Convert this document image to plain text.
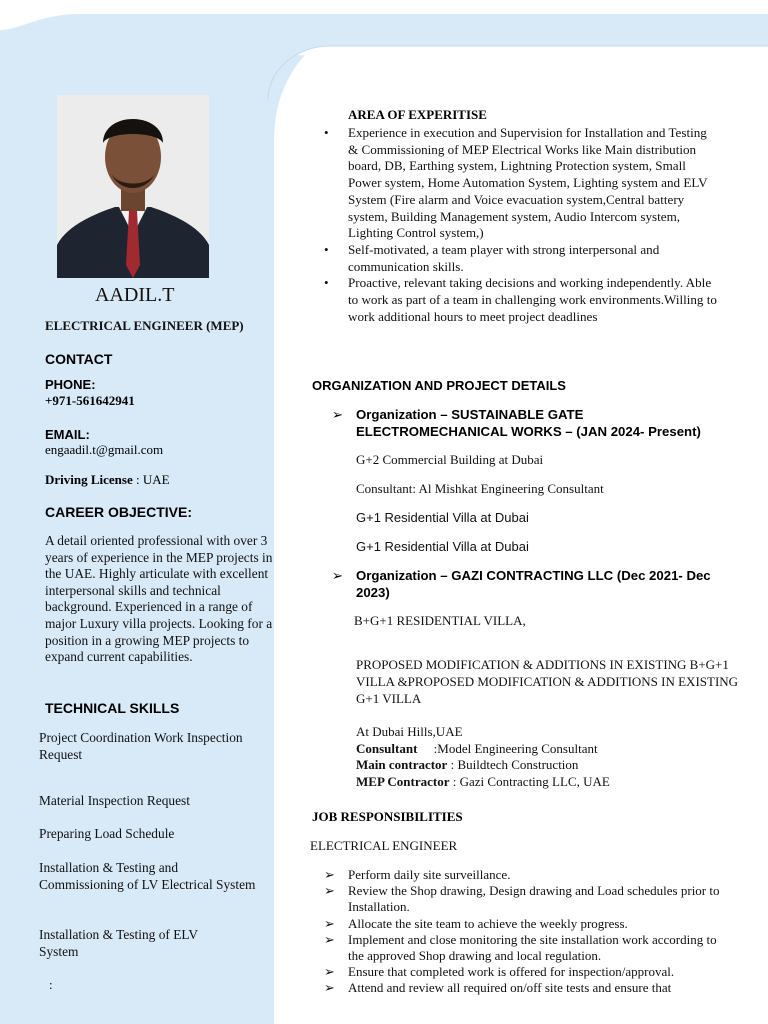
AADIL.T
ELECTRICAL ENGINEER (MEP)
CONTACT
PHONE:
+971-561642941
EMAIL:
engaadil.t@gmail.com
Driving License : UAE
CAREER OBJECTIVE:
A detail oriented professional with over 3 years of experience in the MEP projects in the UAE. Highly articulate with excellent interpersonal skills and technical background. Experienced in a range of major Luxury villa projects. Looking for a position in a growing MEP projects to expand current capabilities.
TECHNICAL SKILLS
Project Coordination Work Inspection Request
Material Inspection Request
Preparing Load Schedule
Installation & Testing and Commissioning of LV Electrical System
Installation & Testing of ELV System
:
AREA OF EXPERITISE
• Experience in execution and Supervision for Installation and Testing & Commissioning of MEP Electrical Works like Main distribution board, DB, Earthing system, Lightning Protection system, Small Power system, Home Automation System, Lighting system and ELV System (Fire alarm and Voice evacuation system,Central battery system, Building Management system, Audio Intercom system, Lighting Control system,)
• Self-motivated, a team player with strong interpersonal and communication skills.
• Proactive, relevant taking decisions and working independently. Able to work as part of a team in challenging work environments.Willing to work additional hours to meet project deadlines
ORGANIZATION AND PROJECT DETAILS
➢ Organization – SUSTAINABLE GATE ELECTROMECHANICAL WORKS – (JAN 2024- Present)
G+2 Commercial Building at Dubai
Consultant: Al Mishkat Engineering Consultant
G+1 Residential Villa at Dubai
G+1 Residential Villa at Dubai
➢ Organization – GAZI CONTRACTING LLC (Dec 2021- Dec 2023)
B+G+1 RESIDENTIAL VILLA,
PROPOSED MODIFICATION & ADDITIONS IN EXISTING B+G+1 VILLA &PROPOSED MODIFICATION & ADDITIONS IN EXISTING G+1 VILLA
At Dubai Hills,UAE
Consultant     :Model Engineering Consultant
Main contractor : Buildtech Construction
MEP Contractor : Gazi Contracting LLC, UAE
JOB RESPONSIBILITIES
ELECTRICAL ENGINEER
➢ Perform daily site surveillance.
➢ Review the Shop drawing, Design drawing and Load schedules prior to Installation.
➢ Allocate the site team to achieve the weekly progress.
➢ Implement and close monitoring the site installation work according to the approved Shop drawing and local regulation.
➢ Ensure that completed work is offered for inspection/approval.
➢ Attend and review all required on/off site tests and ensure that
